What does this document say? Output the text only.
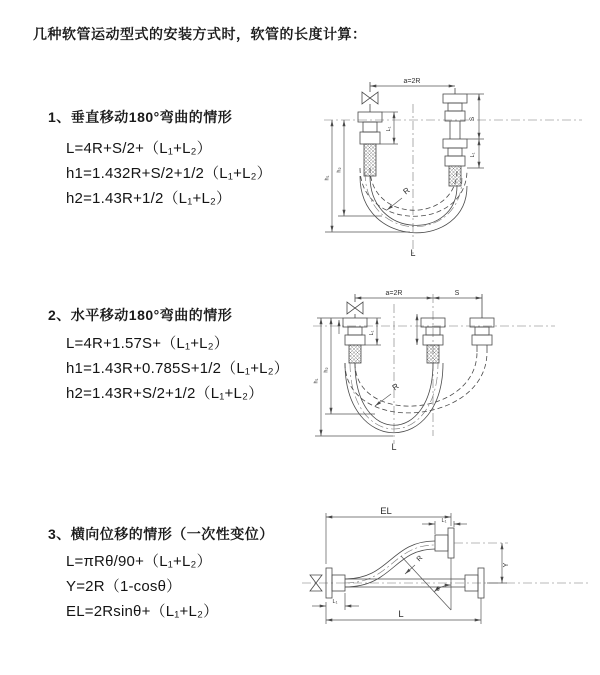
几种软管运动型式的安装方式时，软管的长度计算：
1、垂直移动180°弯曲的情形
L=4R+S/2+（L₁+L₂）
h1=1.432R+S/2+1/2（L₁+L₂）
h2=1.43R+1/2（L₁+L₂）
a=2R
S
L₁
h₁
h₂
L₁
R
L
2、水平移动180°弯曲的情形
L=4R+1.57S+（L₁+L₂）
h1=1.43R+0.785S+1/2（L₁+L₂）
h2=1.43R+S/2+1/2（L₁+L₂）
a=2R	S
h₁
h₂
L₁
R
L
3、横向位移的情形（一次性变位）
L=πRθ/90+（L₁+L₂）
Y=2R（1-cosθ）
EL=2Rsinθ+（L₁+L₂）
θ
R
EL
L₁
Y
L
L₁
